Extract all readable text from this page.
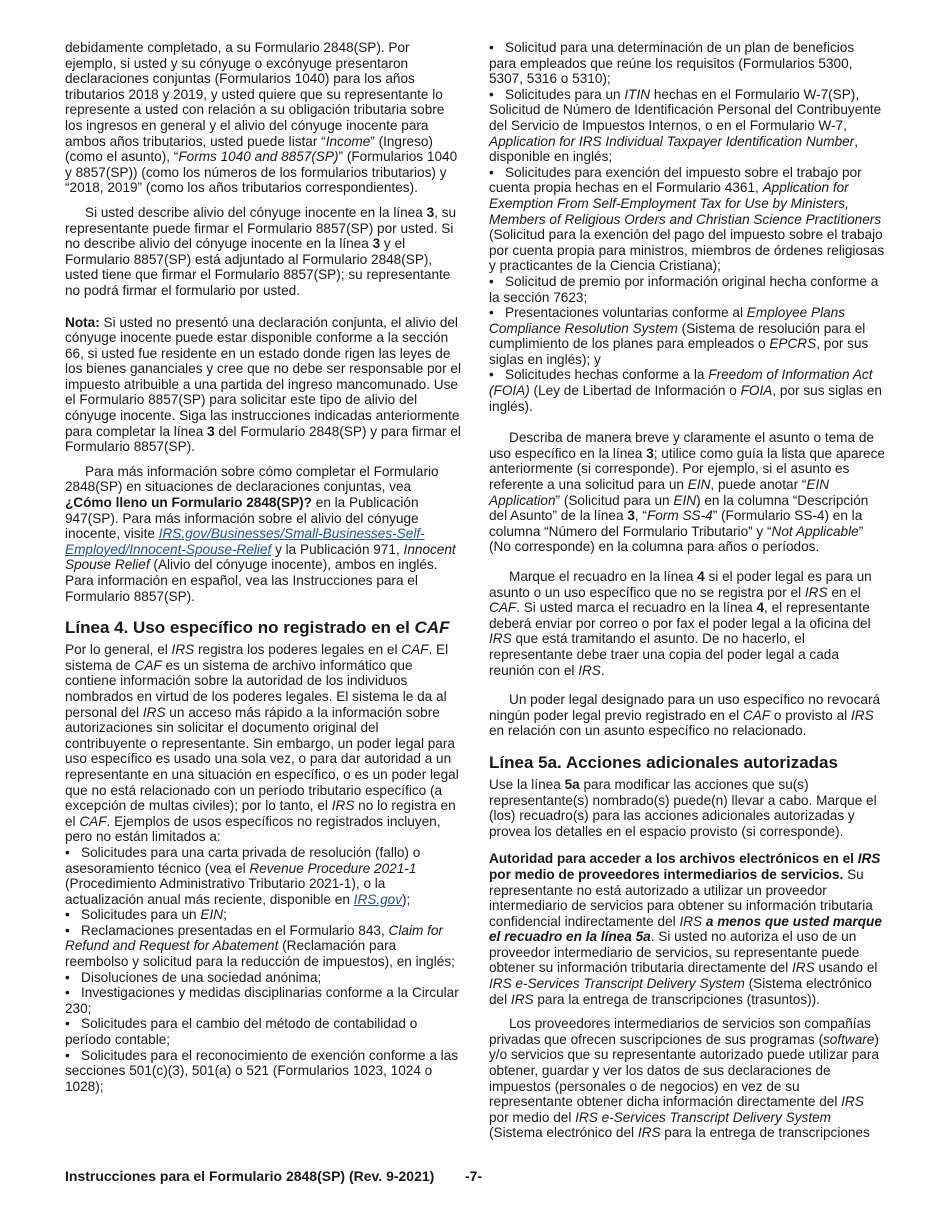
debidamente completado, a su Formulario 2848(SP). Por ejemplo, si usted y su cónyuge o excónyuge presentaron declaraciones conjuntas (Formularios 1040) para los años tributarios 2018 y 2019, y usted quiere que su representante lo represente a usted con relación a su obligación tributaria sobre los ingresos en general y el alivio del cónyuge inocente para ambos años tributarios, usted puede listar “Income” (Ingreso) (como el asunto), “Forms 1040 and 8857(SP)” (Formularios 1040 y 8857(SP)) (como los números de los formularios tributarios) y “2018, 2019” (como los años tributarios correspondientes).

Si usted describe alivio del cónyuge inocente en la línea 3, su representante puede firmar el Formulario 8857(SP) por usted. Si no describe alivio del cónyuge inocente en la línea 3 y el Formulario 8857(SP) está adjuntado al Formulario 2848(SP), usted tiene que firmar el Formulario 8857(SP); su representante no podrá firmar el formulario por usted.

Nota: Si usted no presentó una declaración conjunta, el alivio del cónyuge inocente puede estar disponible conforme a la sección 66, si usted fue residente en un estado donde rigen las leyes de los bienes gananciales y cree que no debe ser responsable por el impuesto atribuible a una partida del ingreso mancomunado. Use el Formulario 8857(SP) para solicitar este tipo de alivio del cónyuge inocente. Siga las instrucciones indicadas anteriormente para completar la línea 3 del Formulario 2848(SP) y para firmar el Formulario 8857(SP).

Para más información sobre cómo completar el Formulario 2848(SP) en situaciones de declaraciones conjuntas, vea ¿Cómo lleno un Formulario 2848(SP)? en la Publicación 947(SP). Para más información sobre el alivio del cónyuge inocente, visite IRS.gov/Businesses/Small-Businesses-Self-Employed/Innocent-Spouse-Relief y la Publicación 971, Innocent Spouse Relief (Alivio del cónyuge inocente), ambos en inglés. Para información en español, vea las Instrucciones para el Formulario 8857(SP).

Línea 4. Uso específico no registrado en el CAF

Por lo general, el IRS registra los poderes legales en el CAF. El sistema de CAF es un sistema de archivo informático que contiene información sobre la autoridad de los individuos nombrados en virtud de los poderes legales. El sistema le da al personal del IRS un acceso más rápido a la información sobre autorizaciones sin solicitar el documento original del contribuyente o representante. Sin embargo, un poder legal para uso específico es usado una sola vez, o para dar autoridad a un representante en una situación en específico, o es un poder legal que no está relacionado con un período tributario específico (a excepción de multas civiles); por lo tanto, el IRS no lo registra en el CAF. Ejemplos de usos específicos no registrados incluyen, pero no están limitados a:

• Solicitudes para una carta privada de resolución (fallo) o asesoramiento técnico (vea el Revenue Procedure 2021-1 (Procedimiento Administrativo Tributario 2021-1), o la actualización anual más reciente, disponible en IRS.gov);

• Solicitudes para un EIN;

• Reclamaciones presentadas en el Formulario 843, Claim for Refund and Request for Abatement (Reclamación para reembolso y solicitud para la reducción de impuestos), en inglés;

• Disoluciones de una sociedad anónima;

• Investigaciones y medidas disciplinarias conforme a la Circular 230;

• Solicitudes para el cambio del método de contabilidad o período contable;

• Solicitudes para el reconocimiento de exención conforme a las secciones 501(c)(3), 501(a) o 521 (Formularios 1023, 1024 o 1028);

• Solicitud para una determinación de un plan de beneficios para empleados que reúne los requisitos (Formularios 5300, 5307, 5316 o 5310);

• Solicitudes para un ITIN hechas en el Formulario W-7(SP), Solicitud de Número de Identificación Personal del Contribuyente del Servicio de Impuestos Internos, o en el Formulario W-7, Application for IRS Individual Taxpayer Identification Number, disponible en inglés;

• Solicitudes para exención del impuesto sobre el trabajo por cuenta propia hechas en el Formulario 4361, Application for Exemption From Self-Employment Tax for Use by Ministers, Members of Religious Orders and Christian Science Practitioners (Solicitud para la exención del pago del impuesto sobre el trabajo por cuenta propia para ministros, miembros de órdenes religiosas y practicantes de la Ciencia Cristiana);

• Solicitud de premio por información original hecha conforme a la sección 7623;

• Presentaciones voluntarias conforme al Employee Plans Compliance Resolution System (Sistema de resolución para el cumplimiento de los planes para empleados o EPCRS, por sus siglas en inglés); y

• Solicitudes hechas conforme a la Freedom of Information Act (FOIA) (Ley de Libertad de Información o FOIA, por sus siglas en inglés).

Describa de manera breve y claramente el asunto o tema de uso específico en la línea 3; utilice como guía la lista que aparece anteriormente (si corresponde). Por ejemplo, si el asunto es referente a una solicitud para un EIN, puede anotar “EIN Application” (Solicitud para un EIN) en la columna “Descripción del Asunto” de la línea 3, “Form SS-4” (Formulario SS-4) en la columna “Número del Formulario Tributario” y “Not Applicable” (No corresponde) en la columna para años o períodos.

Marque el recuadro en la línea 4 si el poder legal es para un asunto o un uso específico que no se registra por el IRS en el CAF. Si usted marca el recuadro en la línea 4, el representante deberá enviar por correo o por fax el poder legal a la oficina del IRS que está tramitando el asunto. De no hacerlo, el representante debe traer una copia del poder legal a cada reunión con el IRS.

Un poder legal designado para un uso específico no revocará ningún poder legal previo registrado en el CAF o provisto al IRS en relación con un asunto específico no relacionado.

Línea 5a. Acciones adicionales autorizadas

Use la línea 5a para modificar las acciones que su(s) representante(s) nombrado(s) puede(n) llevar a cabo. Marque el (los) recuadro(s) para las acciones adicionales autorizadas y provea los detalles en el espacio provisto (si corresponde).

Autoridad para acceder a los archivos electrónicos en el IRS por medio de proveedores intermediarios de servicios. Su representante no está autorizado a utilizar un proveedor intermediario de servicios para obtener su información tributaria confidencial indirectamente del IRS a menos que usted marque el recuadro en la línea 5a. Si usted no autoriza el uso de un proveedor intermediario de servicios, su representante puede obtener su información tributaria directamente del IRS usando el IRS e-Services Transcript Delivery System (Sistema electrónico del IRS para la entrega de transcripciones (trasuntos)).

Los proveedores intermediarios de servicios son compañías privadas que ofrecen suscripciones de sus programas (software) y/o servicios que su representante autorizado puede utilizar para obtener, guardar y ver los datos de sus declaraciones de impuestos (personales o de negocios) en vez de su representante obtener dicha información directamente del IRS por medio del IRS e-Services Transcript Delivery System (Sistema electrónico del IRS para la entrega de transcripciones

Instrucciones para el Formulario 2848(SP) (Rev. 9-2021) -7-
